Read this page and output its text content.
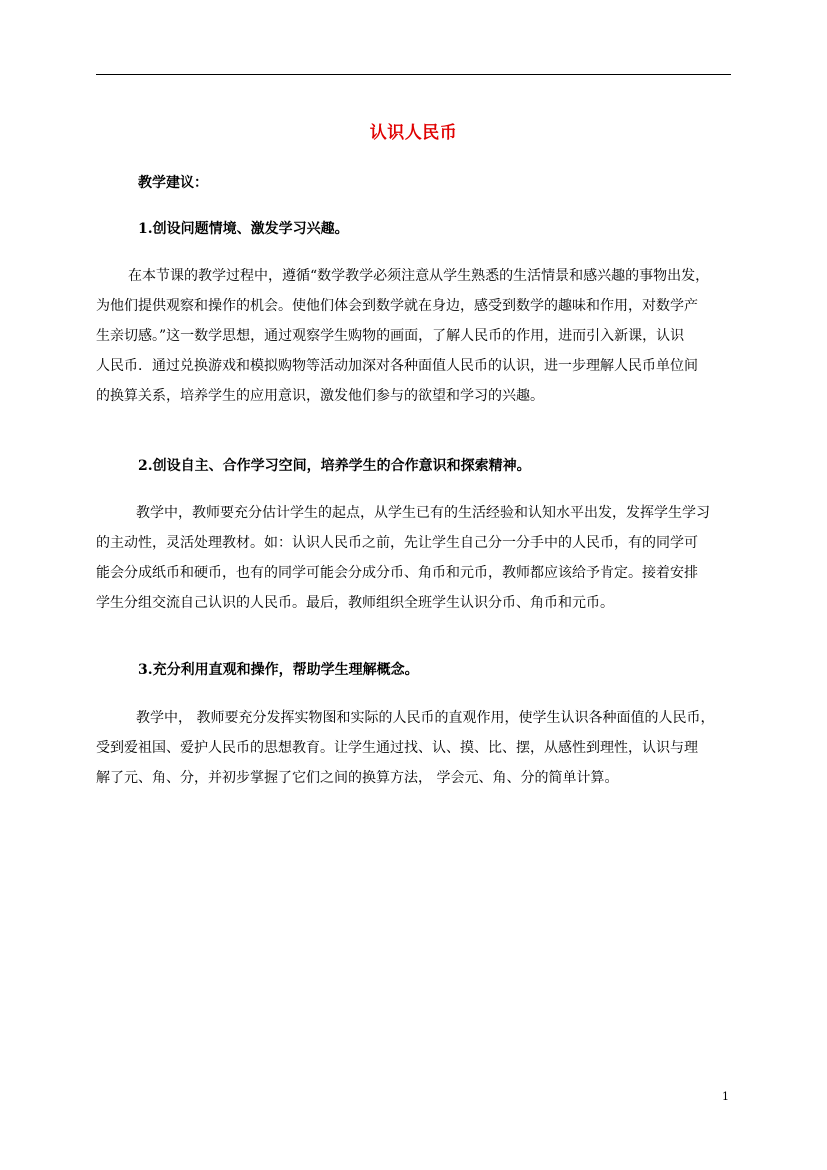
认识人民币
教学建议：
1.创设问题情境、激发学习兴趣。
在本节课的教学过程中，遵循“数学教学必须注意从学生熟悉的生活情景和感兴趣的事物出发，
为他们提供观察和操作的机会。使他们体会到数学就在身边，感受到数学的趣味和作用，对数学产
生亲切感。”这一数学思想，通过观察学生购物的画面，了解人民币的作用，进而引入新课，认识
人民币．通过兑换游戏和模拟购物等活动加深对各种面值人民币的认识，进一步理解人民币单位间
的换算关系，培养学生的应用意识，激发他们参与的欲望和学习的兴趣。
2.创设自主、合作学习空间，培养学生的合作意识和探索精神。
教学中，教师要充分估计学生的起点，从学生已有的生活经验和认知水平出发，发挥学生学习
的主动性，灵活处理教材。如：认识人民币之前，先让学生自己分一分手中的人民币，有的同学可
能会分成纸币和硬币，也有的同学可能会分成分币、角币和元币，教师都应该给予肯定。接着安排
学生分组交流自己认识的人民币。最后，教师组织全班学生认识分币、角币和元币。
3.充分利用直观和操作，帮助学生理解概念。
教学中， 教师要充分发挥实物图和实际的人民币的直观作用，使学生认识各种面值的人民币，
受到爱祖国、爱护人民币的思想教育。让学生通过找、认、摸、比、摆，从感性到理性，认识与理
解了元、角、分，并初步掌握了它们之间的换算方法， 学会元、角、分的简单计算。
1
